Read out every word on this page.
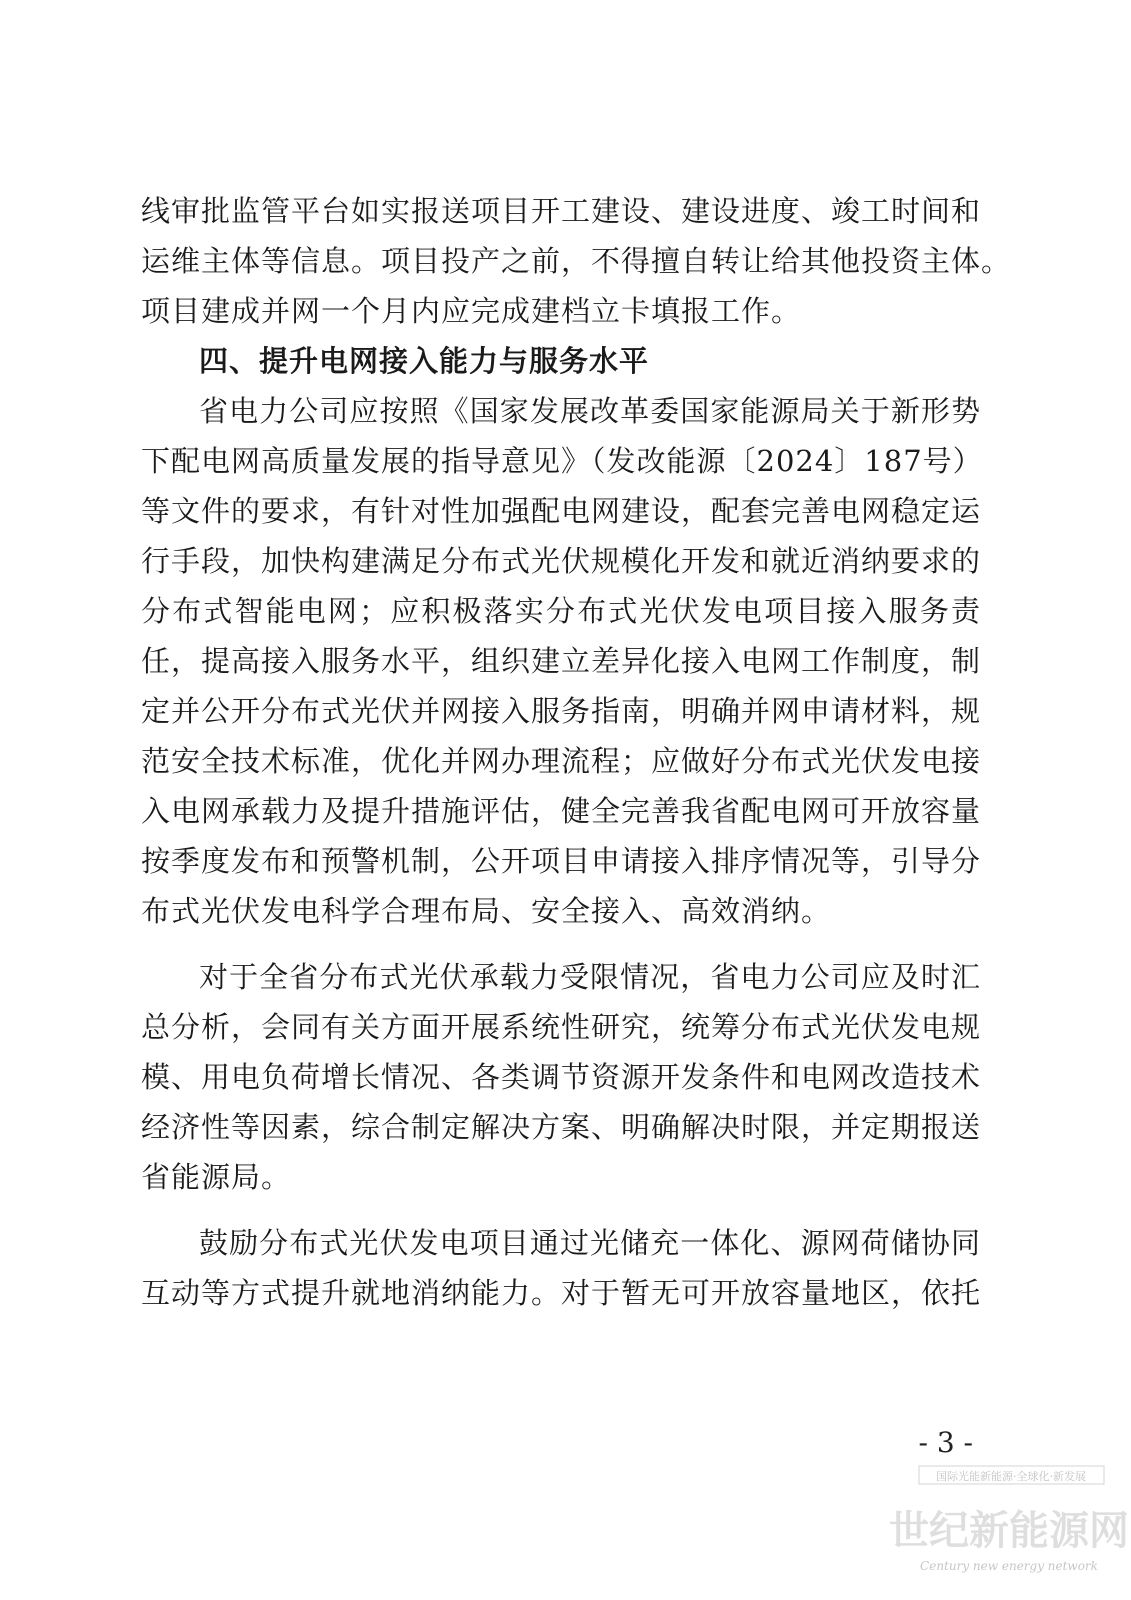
线审批监管平台如实报送项目开工建设、建设进度、竣工时间和
运维主体等信息。项目投产之前，不得擅自转让给其他投资主体。
项目建成并网一个月内应完成建档立卡填报工作。
四、提升电网接入能力与服务水平
省电力公司应按照《国家发展改革委国家能源局关于新形势
下配电网高质量发展的指导意见》（发改能源〔2024〕187号）
等文件的要求，有针对性加强配电网建设，配套完善电网稳定运
行手段，加快构建满足分布式光伏规模化开发和就近消纳要求的
分布式智能电网；应积极落实分布式光伏发电项目接入服务责
任，提高接入服务水平，组织建立差异化接入电网工作制度，制
定并公开分布式光伏并网接入服务指南，明确并网申请材料，规
范安全技术标准，优化并网办理流程；应做好分布式光伏发电接
入电网承载力及提升措施评估，健全完善我省配电网可开放容量
按季度发布和预警机制，公开项目申请接入排序情况等，引导分
布式光伏发电科学合理布局、安全接入、高效消纳。
对于全省分布式光伏承载力受限情况，省电力公司应及时汇
总分析，会同有关方面开展系统性研究，统筹分布式光伏发电规
模、用电负荷增长情况、各类调节资源开发条件和电网改造技术
经济性等因素，综合制定解决方案、明确解决时限，并定期报送
省能源局。
鼓励分布式光伏发电项目通过光储充一体化、源网荷储协同
互动等方式提升就地消纳能力。对于暂无可开放容量地区，依托
- 3 -
国际光能新能源·全球化·新发展
世纪新能源网
Century new energy network
